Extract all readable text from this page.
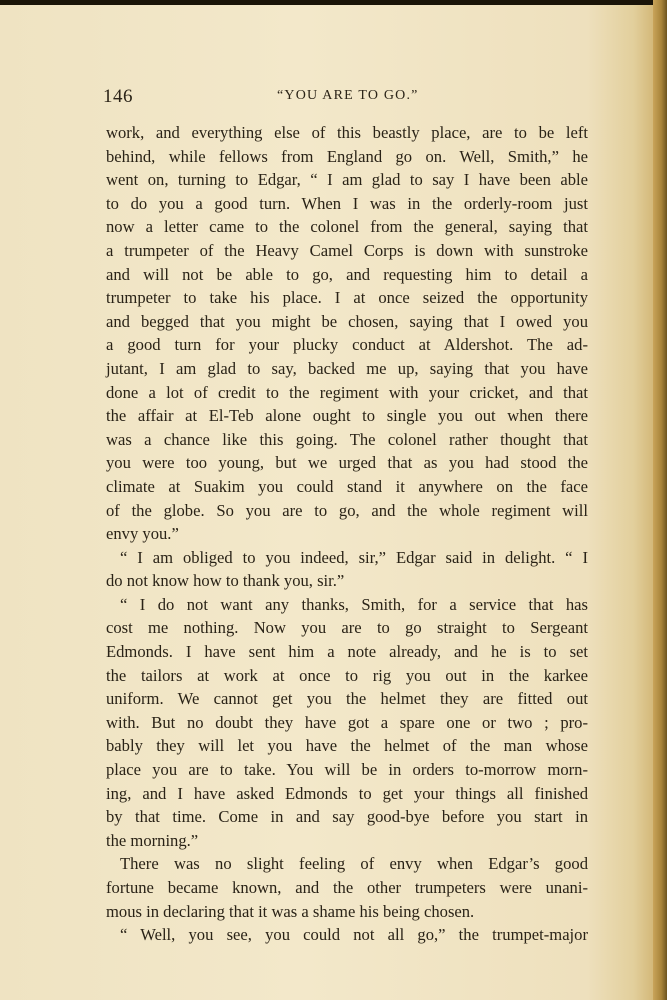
146	“YOU ARE TO GO.”
work, and everything else of this beastly place, are to be left
behind, while fellows from England go on. Well, Smith,” he
went on, turning to Edgar, “ I am glad to say I have been able
to do you a good turn. When I was in the orderly-room just
now a letter came to the colonel from the general, saying that
a trumpeter of the Heavy Camel Corps is down with sunstroke
and will not be able to go, and requesting him to detail a
trumpeter to take his place. I at once seized the opportunity
and begged that you might be chosen, saying that I owed you
a good turn for your plucky conduct at Aldershot. The ad-
jutant, I am glad to say, backed me up, saying that you have
done a lot of credit to the regiment with your cricket, and that
the affair at El-Teb alone ought to single you out when there
was a chance like this going. The colonel rather thought that
you were too young, but we urged that as you had stood the
climate at Suakim you could stand it anywhere on the face
of the globe. So you are to go, and the whole regiment will
envy you.”
“ I am obliged to you indeed, sir,” Edgar said in delight. “ I
do not know how to thank you, sir.”
“ I do not want any thanks, Smith, for a service that has
cost me nothing. Now you are to go straight to Sergeant
Edmonds. I have sent him a note already, and he is to set
the tailors at work at once to rig you out in the karkee
uniform. We cannot get you the helmet they are fitted out
with. But no doubt they have got a spare one or two ; pro-
bably they will let you have the helmet of the man whose
place you are to take. You will be in orders to-morrow morn-
ing, and I have asked Edmonds to get your things all finished
by that time. Come in and say good-bye before you start in
the morning.”
There was no slight feeling of envy when Edgar’s good
fortune became known, and the other trumpeters were unani-
mous in declaring that it was a shame his being chosen.
“ Well, you see, you could not all go,” the trumpet-major
